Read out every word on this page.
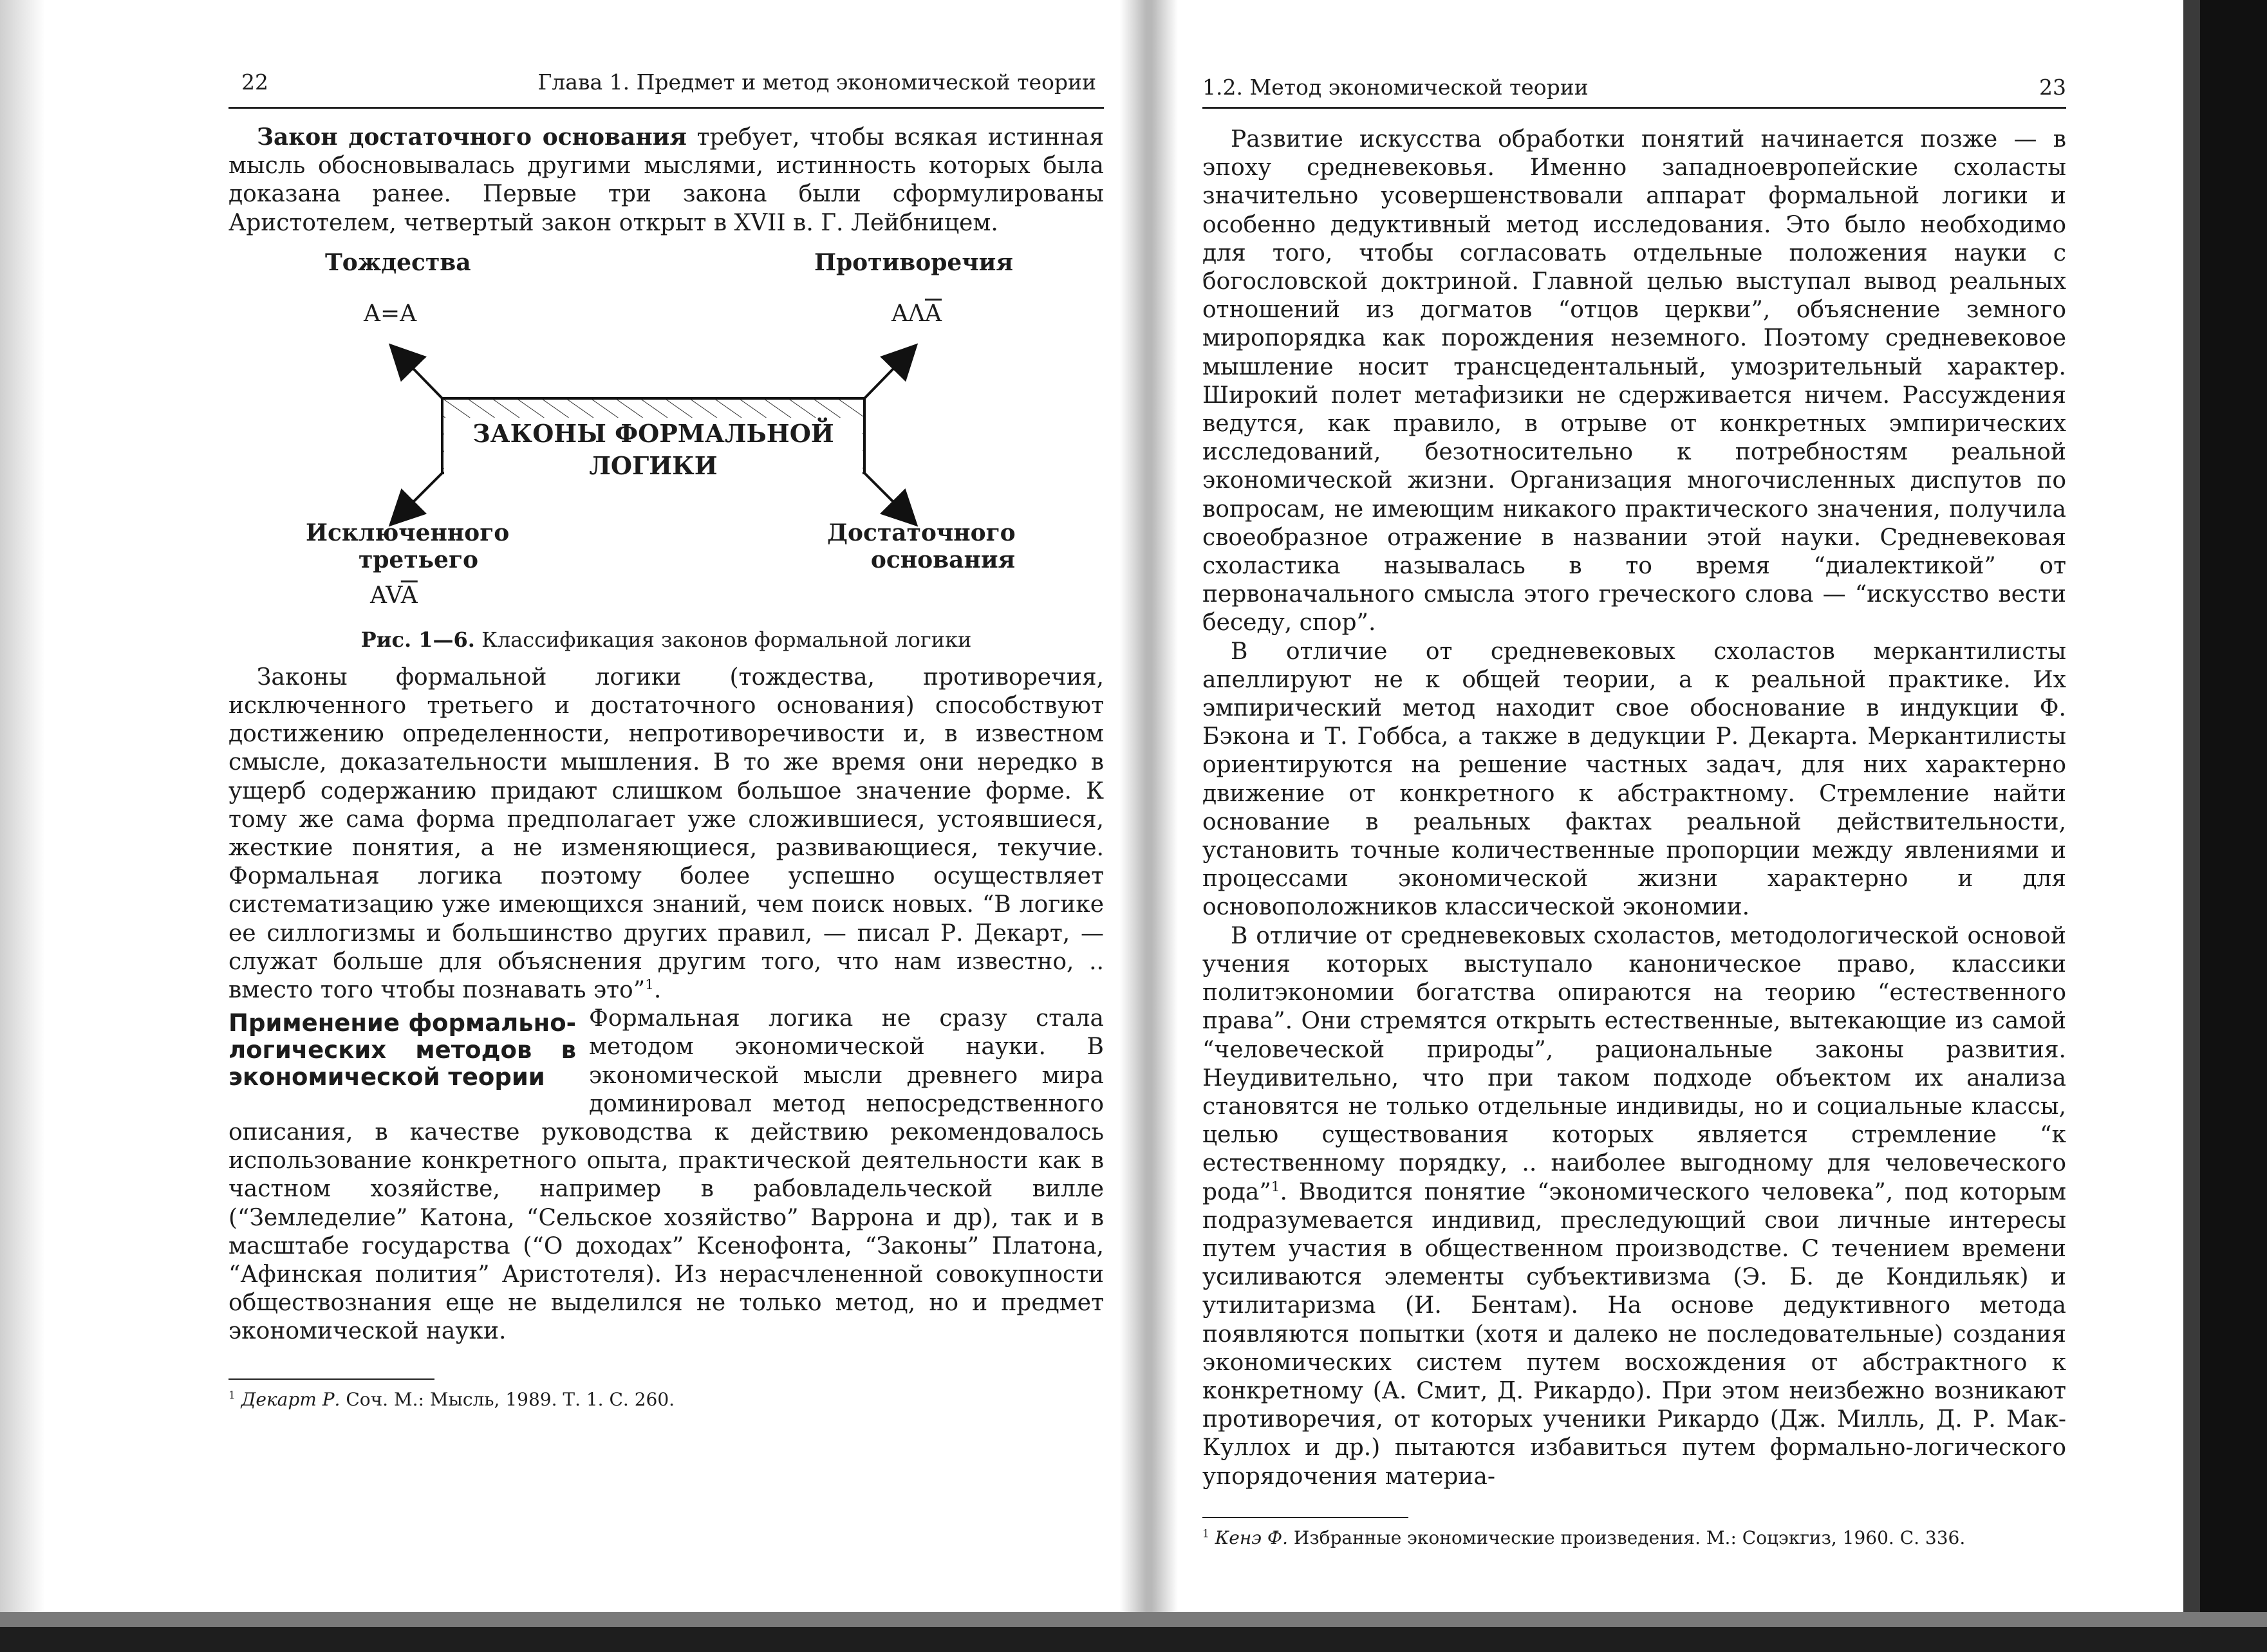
22	Глава 1. Предмет и метод экономической теории

Закон достаточного основания требует, чтобы всякая истинная мысль обосновывалась другими мыслями, истинность которых была доказана ранее. Первые три закона были сформулированы Аристотелем, четвертый закон открыт в XVII в. Г. Лейбницем.

ЗАКОНЫ ФОРМАЛЬНОЙ ЛОГИКИ
Тождества
A=A
Противоречия
$A\Lambda\overline{A}$
Исключенного	Достаточного
третьего	основания
$AV\overline{A}$
Рис. 1—6. Классификация законов формальной логики

Законы формальной логики (тождества, противоречия, исключенного третьего и достаточного основания) способствуют достижению определенности, непротиворечивости и, в известном смысле, доказательности мышления. В то же время они нередко в ущерб содержанию придают слишком большое значение форме. К тому же сама форма предполагает уже сложившиеся, устоявшиеся, жесткие понятия, а не изменяющиеся, развивающиеся, текучие. Формальная логика поэтому более успешно осуществляет систематизацию уже имеющихся знаний, чем поиск новых. “В логике ее силлогизмы и большинство других правил, — писал Р. Декарт, — служат больше для объяснения другим того, что нам известно, .. вместо того чтобы познавать это”$^1$.

Применение формально-логических методов в экономической теории

Формальная логика не сразу стала методом экономической науки. В экономической мысли древнего мира доминировал метод непосредственного описания, в качестве руководства к действию рекомендовалось использование конкретного опыта, практической деятельности как в частном хозяйстве, например в рабовладельческой вилле (“Земледелие” Катона, “Сельское хозяйство” Варрона и др), так и в масштабе государства (“О доходах” Ксенофонта, “Законы” Платона, “Афинская полития” Аристотеля). Из нерасчлененной совокупности обществознания еще не выделился не только метод, но и предмет экономической науки.

$^1$ Декарт Р. Соч. М.: Мысль, 1989. Т. 1. С. 260.
1.2. Метод экономической теории	23

Развитие искусства обработки понятий начинается позже — в эпоху средневековья. Именно западноевропейские схоласты значительно усовершенствовали аппарат формальной логики и особенно дедуктивный метод исследования. Это было необходимо для того, чтобы согласовать отдельные положения науки с богословской доктриной. Главной целью выступал вывод реальных отношений из догматов “отцов церкви”, объяснение земного миропорядка как порождения неземного. Поэтому средневековое мышление носит трансцедентальный, умозрительный характер. Широкий полет метафизики не сдерживается ничем. Рассуждения ведутся, как правило, в отрыве от конкретных эмпирических исследований, безотносительно к потребностям реальной экономической жизни. Организация многочисленных диспутов по вопросам, не имеющим никакого практического значения, получила своеобразное отражение в названии этой науки. Средневековая схоластика называлась в то время “диалектикой” от первоначального смысла этого греческого слова — “искусство вести беседу, спор”.

В отличие от средневековых схоластов меркантилисты апеллируют не к общей теории, а к реальной практике. Их эмпирический метод находит свое обоснование в индукции Ф. Бэкона и Т. Гоббса, а также в дедукции Р. Декарта. Меркантилисты ориентируются на решение частных задач, для них характерно движение от конкретного к абстрактному. Стремление найти основание в реальных фактах реальной действительности, установить точные количественные пропорции между явлениями и процессами экономической жизни характерно и для основоположников классической экономии.

В отличие от средневековых схоластов, методологической основой учения которых выступало каноническое право, классики политэкономии богатства опираются на теорию “естественного права”. Они стремятся открыть естественные, вытекающие из самой “человеческой природы”, рациональные законы развития. Неудивительно, что при таком подходе объектом их анализа становятся не только отдельные индивиды, но и социальные классы, целью существования которых является стремление “к естественному порядку, .. наиболее выгодному для человеческого рода”$^1$. Вводится понятие “экономического человека”, под которым подразумевается индивид, преследующий свои личные интересы путем участия в общественном производстве. С течением времени усиливаются элементы субъективизма (Э. Б. де Кондильяк) и утилитаризма (И. Бентам). На основе дедуктивного метода появляются попытки (хотя и далеко не последовательные) создания экономических систем путем восхождения от абстрактного к конкретному (А. Смит, Д. Рикардо). При этом неизбежно возникают противоречия, от которых ученики Рикардо (Дж. Милль, Д. Р. Мак-Куллох и др.) пытаются избавиться путем формально-логического упорядочения материа-

$^1$ Кенэ Ф. Избранные экономические произведения. М.: Соцэкгиз, 1960. С. 336.
